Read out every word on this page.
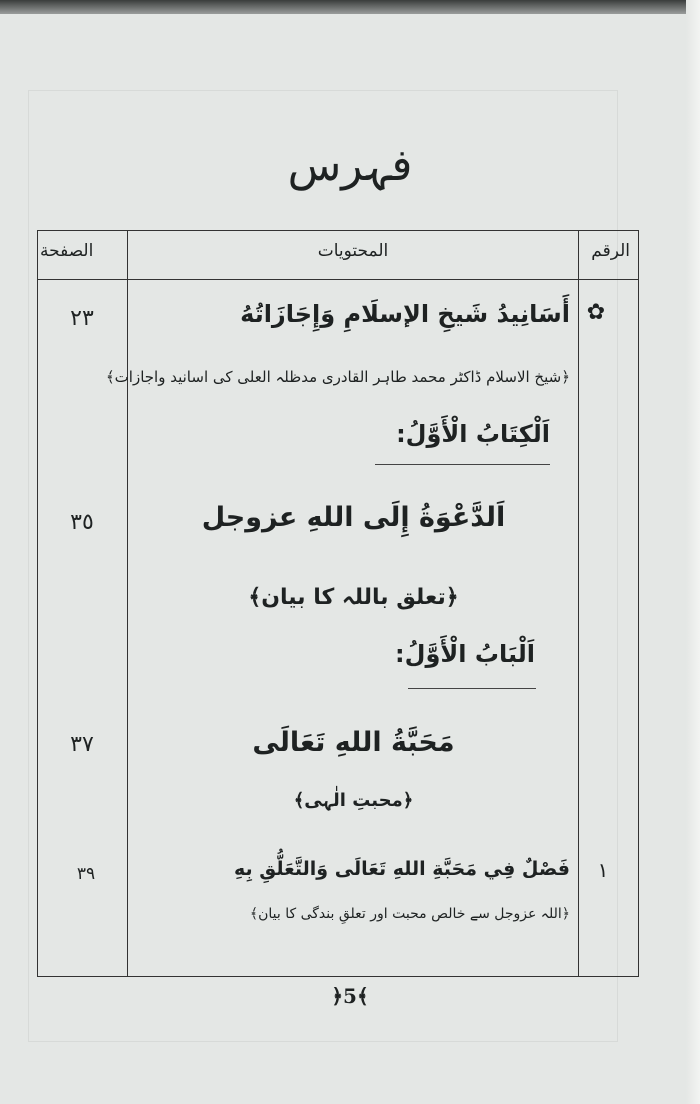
فہرس
الرقم
المحتويات
الصفحة
✿
أَسَانِيدُ شَيخِ الإسلَامِ وَإِجَازَاتُهُ
﴿شیخ الاسلام ڈاکٹر محمد طاہر القادری مدظلہ العلی کی اسانید واجازات﴾
٢٣
اَلْكِتَابُ الْأَوَّلُ:
اَلدَّعْوَةُ إِلَى اللهِ عزوجل
٣٥
﴿تعلق باللہ کا بیان﴾
اَلْبَابُ الْأَوَّلُ:
مَحَبَّةُ اللهِ تَعَالَى
٣٧
﴿محبتِ الٰہی﴾
١
فَصْلٌ فِي مَحَبَّةِ اللهِ تَعَالَى وَالتَّعَلُّقِ بِهِ
﴿اللہ عزوجل سے خالص محبت اور تعلقِ بندگی کا بیان﴾
٣٩
﴿5﴾
